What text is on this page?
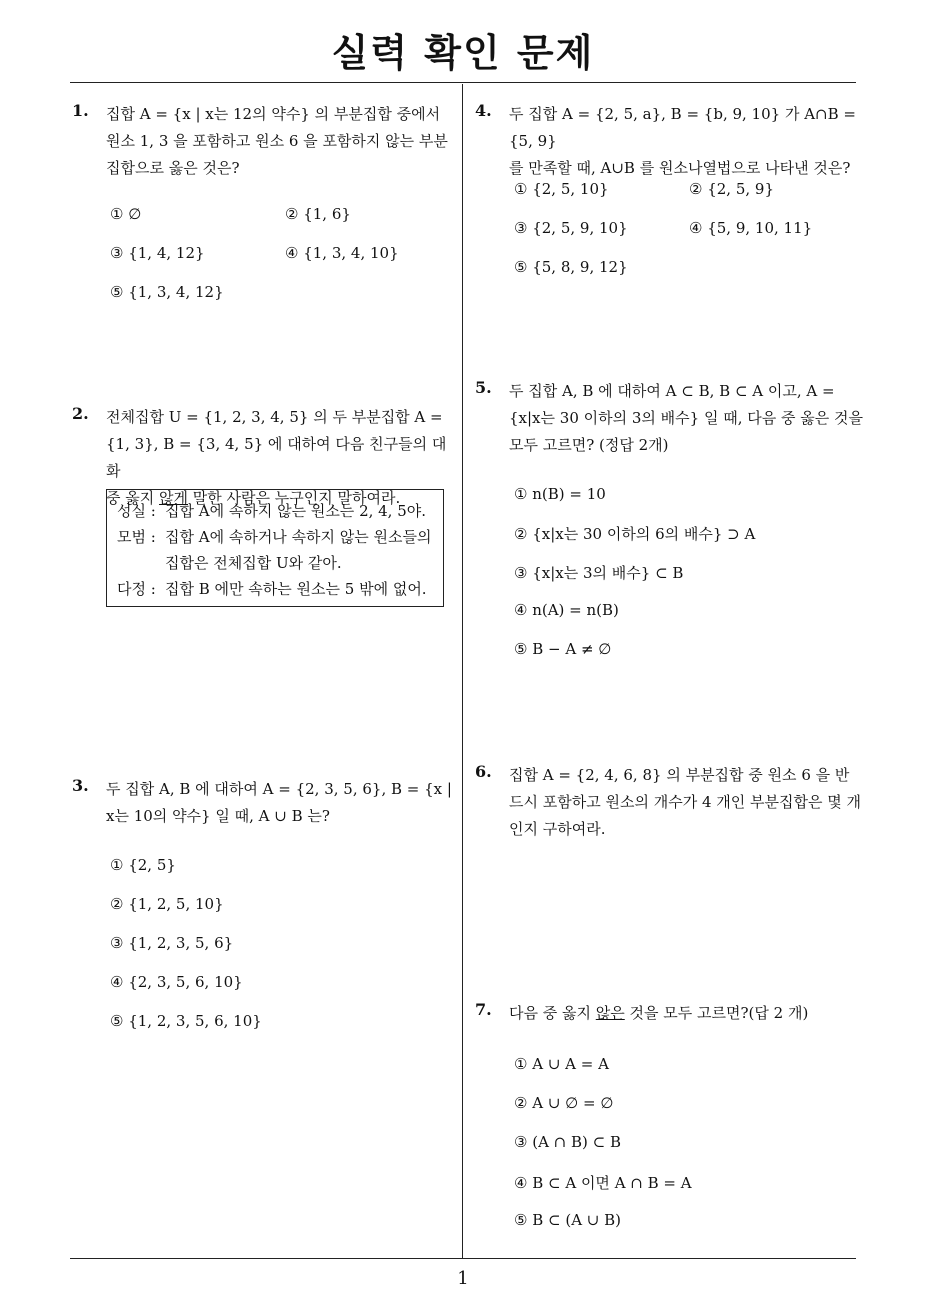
실력 확인 문제
1. 집합 A = {x | x는 12의 약수} 의 부분집합 중에서
원소 1, 3 을 포함하고 원소 6 을 포함하지 않는 부분
집합으로 옳은 것은?
① ∅	② {1, 6}
③ {1, 4, 12}	④ {1, 3, 4, 10}
⑤ {1, 3, 4, 12}
2. 전체집합 U = {1, 2, 3, 4, 5} 의 두 부분집합 A =
{1, 3}, B = {3, 4, 5} 에 대하여 다음 친구들의 대화
중 옳지 않게 말한 사람은 누구인지 말하여라.
성실 : 집합 A에 속하지 않는 원소는 2, 4, 5야.
모범 : 집합 A에 속하거나 속하지 않는 원소들의
집합은 전체집합 U와 같아.
다정 : 집합 B 에만 속하는 원소는 5 밖에 없어.
3. 두 집합 A, B 에 대하여 A = {2, 3, 5, 6}, B = {x |
x는 10의 약수} 일 때, A ∪ B 는?
① {2, 5}
② {1, 2, 5, 10}
③ {1, 2, 3, 5, 6}
④ {2, 3, 5, 6, 10}
⑤ {1, 2, 3, 5, 6, 10}
4. 두 집합 A = {2, 5, a}, B = {b, 9, 10} 가 A∩B = {5, 9}
를 만족할 때, A∪B 를 원소나열법으로 나타낸 것은?
① {2, 5, 10}	② {2, 5, 9}
③ {2, 5, 9, 10}	④ {5, 9, 10, 11}
⑤ {5, 8, 9, 12}
5. 두 집합 A, B 에 대하여 A ⊂ B, B ⊂ A 이고, A =
{x|x는 30 이하의 3의 배수} 일 때, 다음 중 옳은 것을
모두 고르면? (정답 2개)
① n(B) = 10
② {x|x는 30 이하의 6의 배수} ⊃ A
③ {x|x는 3의 배수} ⊂ B
④ n(A) = n(B)
⑤ B − A ≠ ∅
6. 집합 A = {2, 4, 6, 8} 의 부분집합 중 원소 6 을 반
드시 포함하고 원소의 개수가 4 개인 부분집합은 몇 개
인지 구하여라.
7. 다음 중 옳지 않은 것을 모두 고르면?(답 2 개)
① A ∪ A = A
② A ∪ ∅ = ∅
③ (A ∩ B) ⊂ B
④ B ⊂ A 이면 A ∩ B = A
⑤ B ⊂ (A ∪ B)
1
